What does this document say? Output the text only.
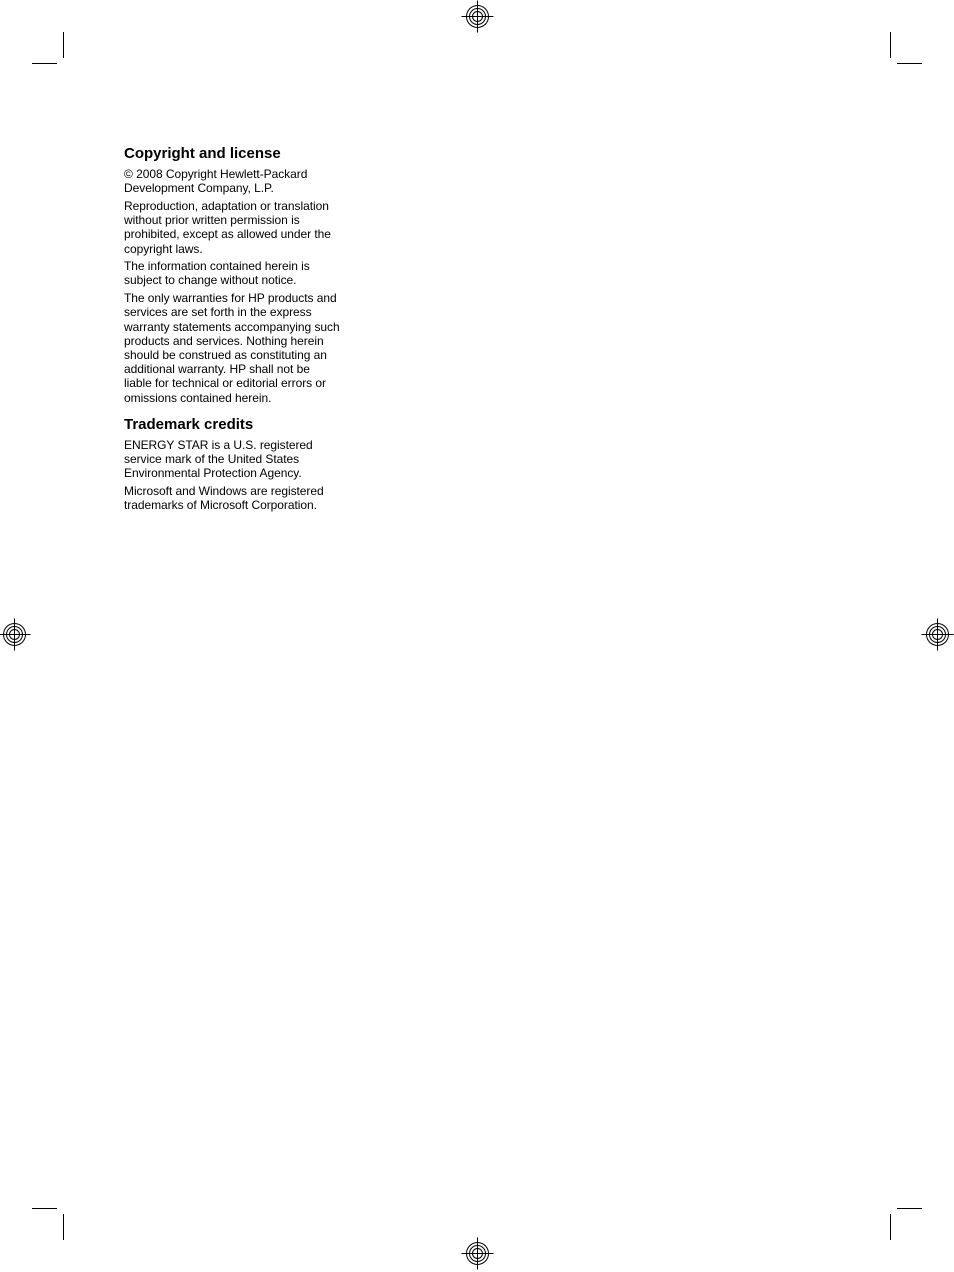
Copyright and license

© 2008 Copyright Hewlett-Packard Development Company, L.P.

Reproduction, adaptation or translation without prior written permission is prohibited, except as allowed under the copyright laws.

The information contained herein is subject to change without notice.

The only warranties for HP products and services are set forth in the express warranty statements accompanying such products and services. Nothing herein should be construed as constituting an additional warranty. HP shall not be liable for technical or editorial errors or omissions contained herein.

Trademark credits

ENERGY STAR is a U.S. registered service mark of the United States Environmental Protection Agency.

Microsoft and Windows are registered trademarks of Microsoft Corporation.
